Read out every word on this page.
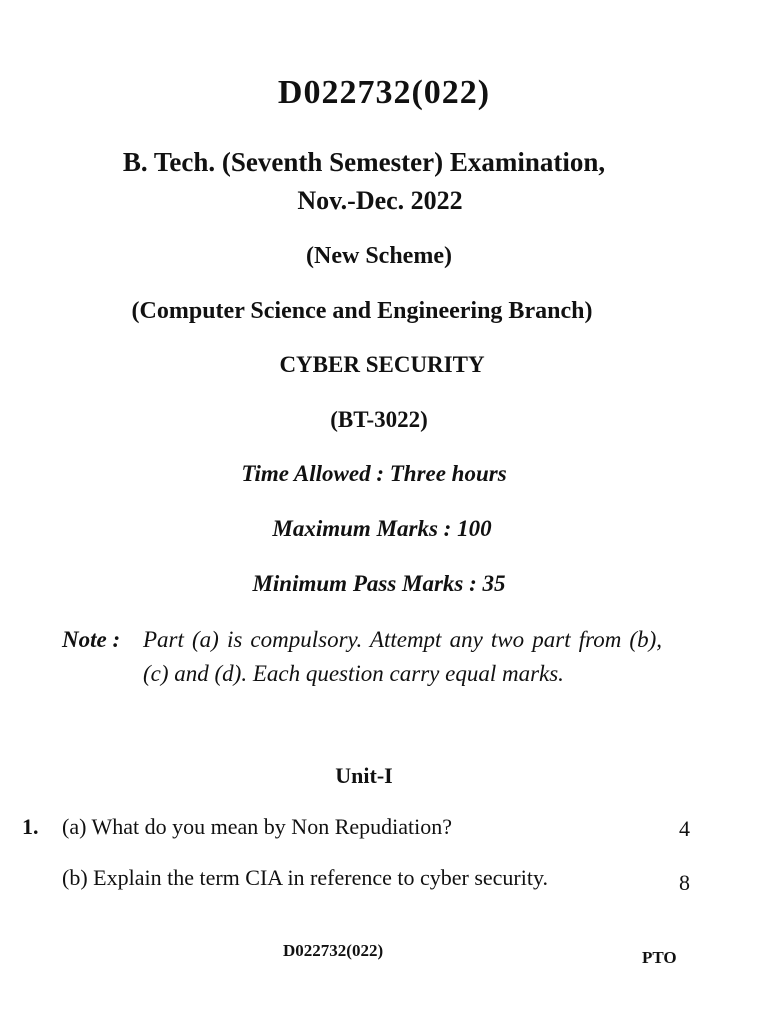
D022732(022)
B. Tech. (Seventh Semester) Examination,
Nov.-Dec. 2022
(New Scheme)
(Computer Science and Engineering Branch)
CYBER SECURITY
(BT-3022)
Time Allowed : Three hours
Maximum Marks : 100
Minimum Pass Marks : 35
Note : Part (a) is compulsory. Attempt any two part from (b), (c) and (d). Each question carry equal marks.
Unit-I
1. (a) What do you mean by Non Repudiation?	4
(b) Explain the term CIA in reference to cyber security.	8
D022732(022)	PTO
